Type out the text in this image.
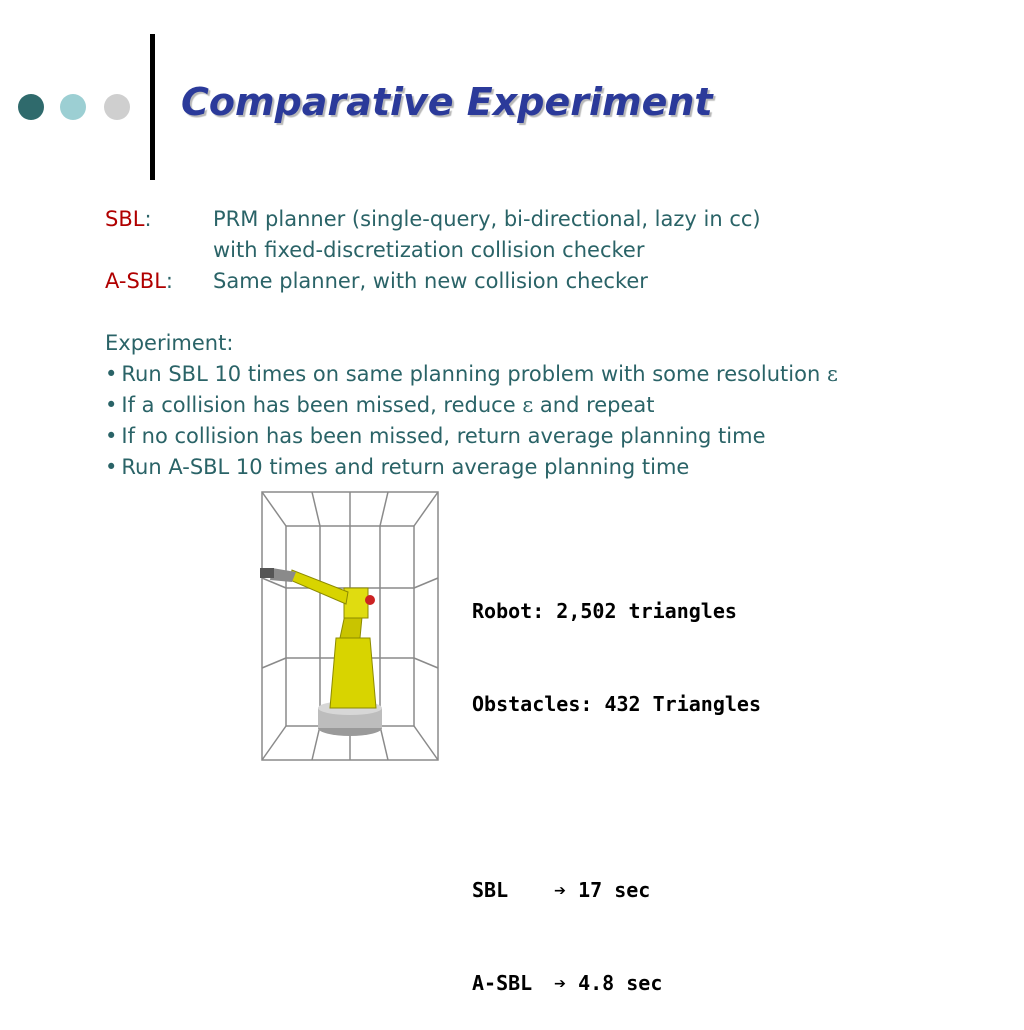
Comparative Experiment
SBL:	PRM planner (single-query, bi-directional, lazy in cc)
with fixed-discretization collision checker
A-SBL: Same planner, with new collision checker
Experiment:
• Run SBL 10 times on same planning problem with some resolution ε
• If a collision has been missed, reduce ε and repeat
• If no collision has been missed, return average planning time
• Run A-SBL 10 times and return average planning time

Robot: 2,502 triangles

Obstacles: 432 Triangles

SBL ➔ 17 sec

A-SBL ➔ 4.8 sec
